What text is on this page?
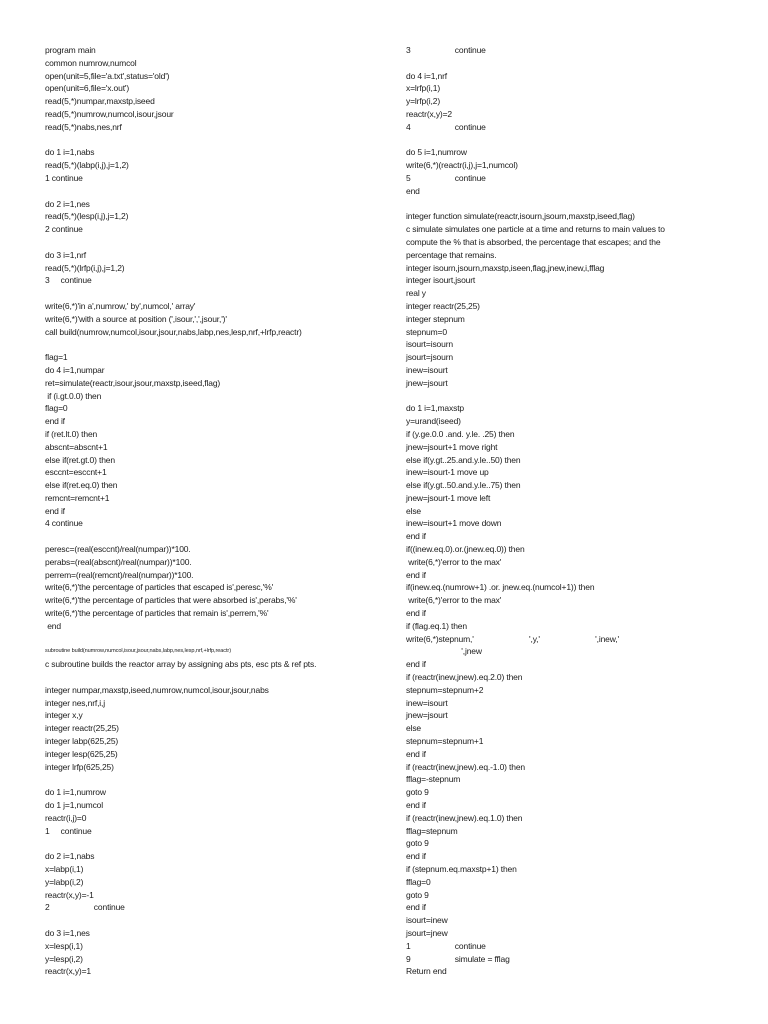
program main
common numrow,numcol
open(unit=5,file='a.txt',status='old')
open(unit=6,file='x.out')
read(5,*)numpar,maxstp,iseed
read(5,*)numrow,numcol,isour,jsour
read(5,*)nabs,nes,nrf
do 1 i=1,nabs
read(5,*)(labp(i,j),j=1,2)
1 continue
do 2 i=1,nes
read(5,*)(lesp(i,j),j=1,2)
2 continue
do 3 i=1,nrf
read(5,*)(lrfp(i,j),j=1,2)
3     continue
write(6,*)'in a',numrow,' by',numcol,' array'
write(6,*)'with a source at position (',isour,',',jsour,')'
call build(numrow,numcol,isour,jsour,nabs,labp,nes,lesp,nrf,+lrfp,reactr)
flag=1
do 4 i=1,numpar
ret=simulate(reactr,isour,jsour,maxstp,iseed,flag)
if (i.gt.0.0) then
flag=0
end if
if (ret.lt.0) then
abscnt=abscnt+1
else if(ret.gt.0) then
esccnt=esccnt+1
else if(ret.eq.0) then
remcnt=remcnt+1
end if
4 continue
peresc=(real(esccnt)/real(numpar))*100.
perabs=(real(abscnt)/real(numpar))*100.
perrem=(real(remcnt)/real(numpar))*100.
write(6,*)'the percentage of particles that escaped is',peresc,'%'
write(6,*)'the percentage of particles that were absorbed is',perabs,'%'
write(6,*)'the percentage of particles that remain is',perrem,'%'
end
subroutine build(numrow,numcol,isour,jsour,nabs,labp,nes,lesp,nrf,+lrfp,reactr)
c subroutine builds the reactor array by assigning abs pts, esc pts & ref pts.
integer numpar,maxstp,iseed,numrow,numcol,isour,jsour,nabs
integer nes,nrf,i,j
integer x,y
integer reactr(25,25)
integer labp(625,25)
integer lesp(625,25)
integer lrfp(625,25)
do 1 i=1,numrow
do 1 j=1,numcol
reactr(i,j)=0
1     continue
do 2 i=1,nabs
x=labp(i,1)
y=labp(i,2)
reactr(x,y)=-1
2                    continue
do 3 i=1,nes
x=lesp(i,1)
y=lesp(i,2)
reactr(x,y)=1
3                    continue
do 4 i=1,nrf
x=lrfp(i,1)
y=lrfp(i,2)
reactr(x,y)=2
4                    continue
do 5 i=1,numrow
write(6,*)(reactr(i,j),j=1,numcol)
5                    continue
end
integer function simulate(reactr,isourn,jsourn,maxstp,iseed,flag)
c simulate simulates one particle at a time and returns to main values to
compute the % that is absorbed, the percentage that escapes; and the
percentage that remains.
integer isourn,jsourn,maxstp,iseen,flag,jnew,inew,i,fflag
integer isourt,jsourt
real y
integer reactr(25,25)
integer stepnum
stepnum=0
isourt=isourn
jsourt=jsourn
inew=isourt
jnew=jsourt
do 1 i=1,maxstp
y=urand(iseed)
if (y.ge.0.0 .and. y.le. .25) then
jnew=jsourt+1 move right
else if(y.gt..25.and.y.le..50) then
inew=isourt-1 move up
else if(y.gt..50.and.y.le..75) then
jnew=jsourt-1 move left
else
inew=isourt+1 move down
end if
if((inew.eq.0).or.(jnew.eq.0)) then
write(6,*)'error to the max'
end if
if(inew.eq.(numrow+1) .or. jnew.eq.(numcol+1)) then
write(6,*)'error to the max'
end if
if (flag.eq.1) then
write(6,*)stepnum,'                         ',y,'                         ',inew,'
',jnew
end if
if (reactr(inew,jnew).eq.2.0) then
stepnum=stepnum+2
inew=isourt
jnew=jsourt
else
stepnum=stepnum+1
end if
if (reactr(inew,jnew).eq.-1.0) then
fflag=-stepnum
goto 9
end if
if (reactr(inew,jnew).eq.1.0) then
fflag=stepnum
goto 9
end if
if (stepnum.eq.maxstp+1) then
fflag=0
goto 9
end if
isourt=inew
jsourt=jnew
1                    continue
9                    simulate = fflag
Return end
